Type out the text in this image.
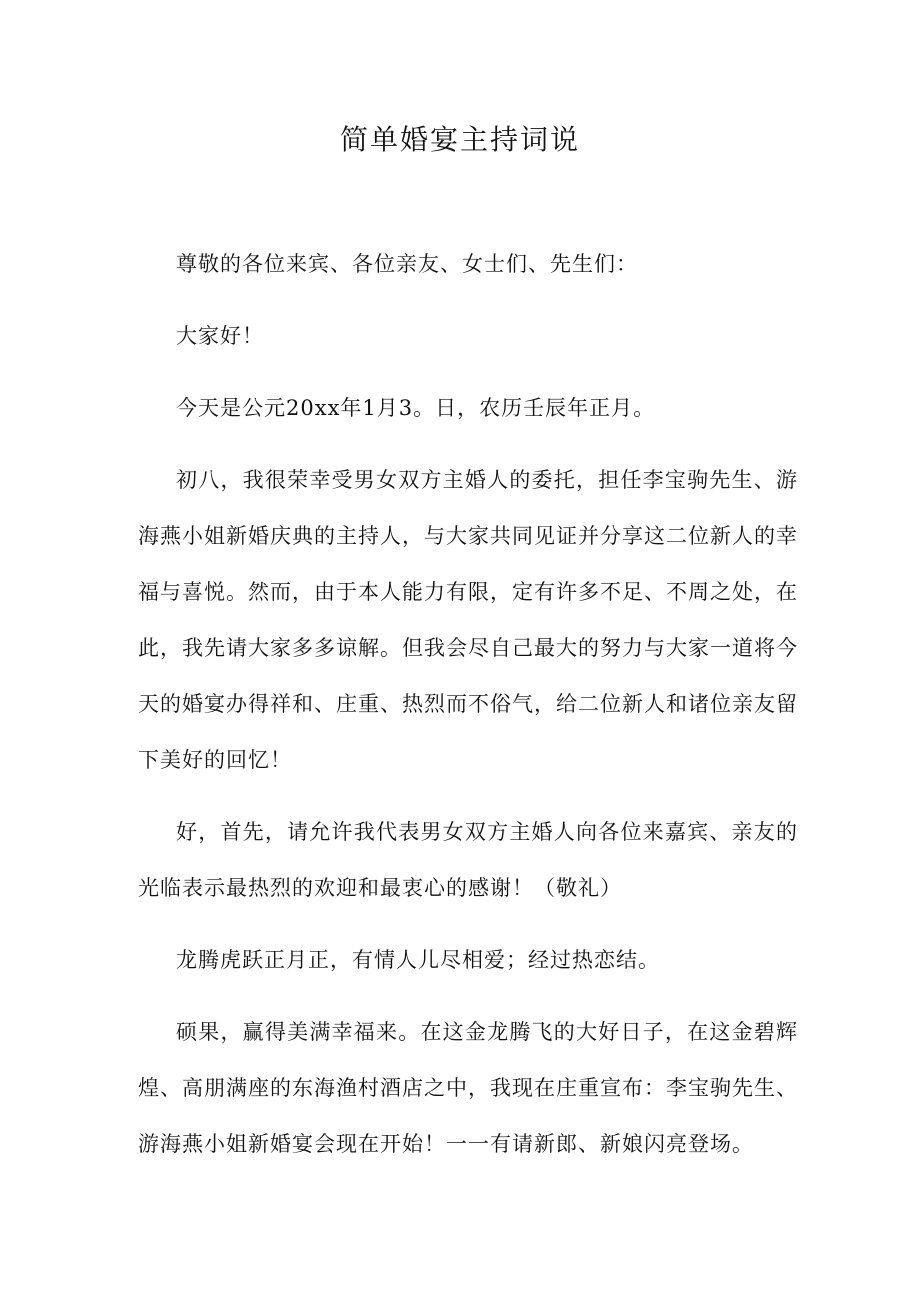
简单婚宴主持词说

尊敬的各位来宾、各位亲友、女士们、先生们：

大家好！

今天是公元20xx年1月3。日，农历壬辰年正月。

初八，我很荣幸受男女双方主婚人的委托，担任李宝驹先生、游海燕小姐新婚庆典的主持人，与大家共同见证并分享这二位新人的幸福与喜悦。然而，由于本人能力有限，定有许多不足、不周之处，在此，我先请大家多多谅解。但我会尽自己最大的努力与大家一道将今天的婚宴办得祥和、庄重、热烈而不俗气，给二位新人和诸位亲友留下美好的回忆！

好，首先，请允许我代表男女双方主婚人向各位来嘉宾、亲友的光临表示最热烈的欢迎和最衷心的感谢！（敬礼）

龙腾虎跃正月正，有情人儿尽相爱；经过热恋结。

硕果，赢得美满幸福来。在这金龙腾飞的大好日子，在这金碧辉煌、高朋满座的东海渔村酒店之中，我现在庄重宣布：李宝驹先生、游海燕小姐新婚宴会现在开始！一一有请新郎、新娘闪亮登场。
